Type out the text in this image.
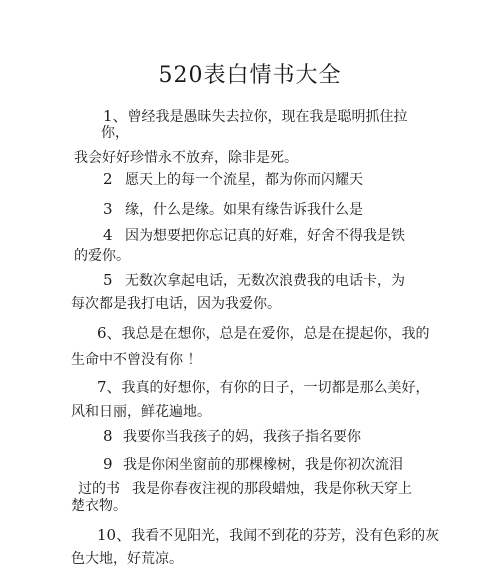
520表白情书大全
1、曾经我是愚昧失去拉你，现在我是聪明抓住拉
你，
我会好好珍惜永不放弃，除非是死。
2 愿天上的每一个流星，都为你而闪耀天
3 缘，什么是缘。如果有缘告诉我什么是
4 因为想要把你忘记真的好难，好舍不得我是铁
的爱你。
5 无数次拿起电话，无数次浪费我的电话卡，为
每次都是我打电话，因为我爱你。
6、我总是在想你，总是在爱你，总是在提起你，我的
生命中不曾没有你 ！
7、我真的好想你，有你的日子，一切都是那么美好，
风和日丽，鲜花遍地。
8 我要你当我孩子的妈，我孩子指名要你
9 我是你闲坐窗前的那棵橡树，我是你初次流泪
过的书 我是你春夜注视的那段蜡烛，我是你秋天穿上
楚衣物。
10、我看不见阳光，我闻不到花的芬芳，没有色彩的灰
色大地，好荒凉。
